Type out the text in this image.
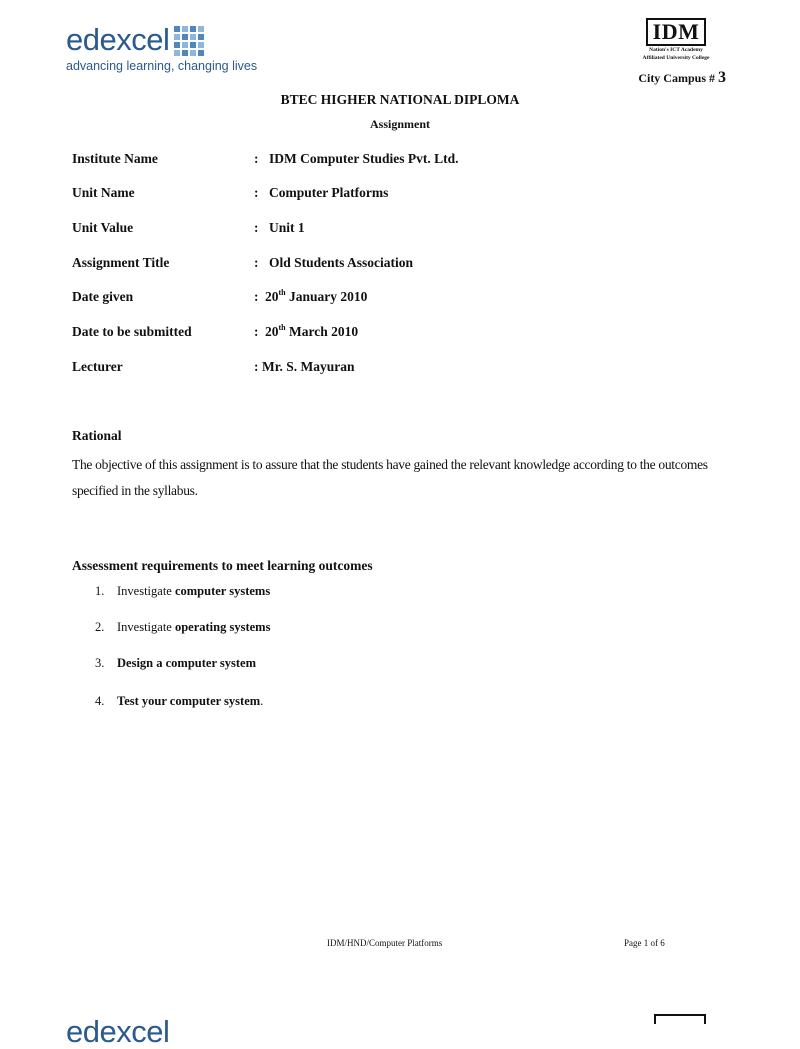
edexcel
advancing learning, changing lives
IDM
Nation's ICT Academy
Affiliated University College
City Campus # 3
BTEC HIGHER NATIONAL DIPLOMA
Assignment
Institute Name	: IDM Computer Studies Pvt. Ltd.
Unit Name	: Computer Platforms
Unit Value	: Unit 1
Assignment Title	: Old Students Association
Date given	: 20th January 2010
Date to be submitted	: 20th March 2010
Lecturer	: Mr. S. Mayuran
Rational
The objective of this assignment is to assure that the students have gained the relevant knowledge according to the outcomes specified in the syllabus.
Assessment requirements to meet learning outcomes
1. Investigate computer systems
2. Investigate operating systems
3. Design a computer system
4. Test your computer system.
IDM/HND/Computer Platforms	Page 1 of 6
edexcel
